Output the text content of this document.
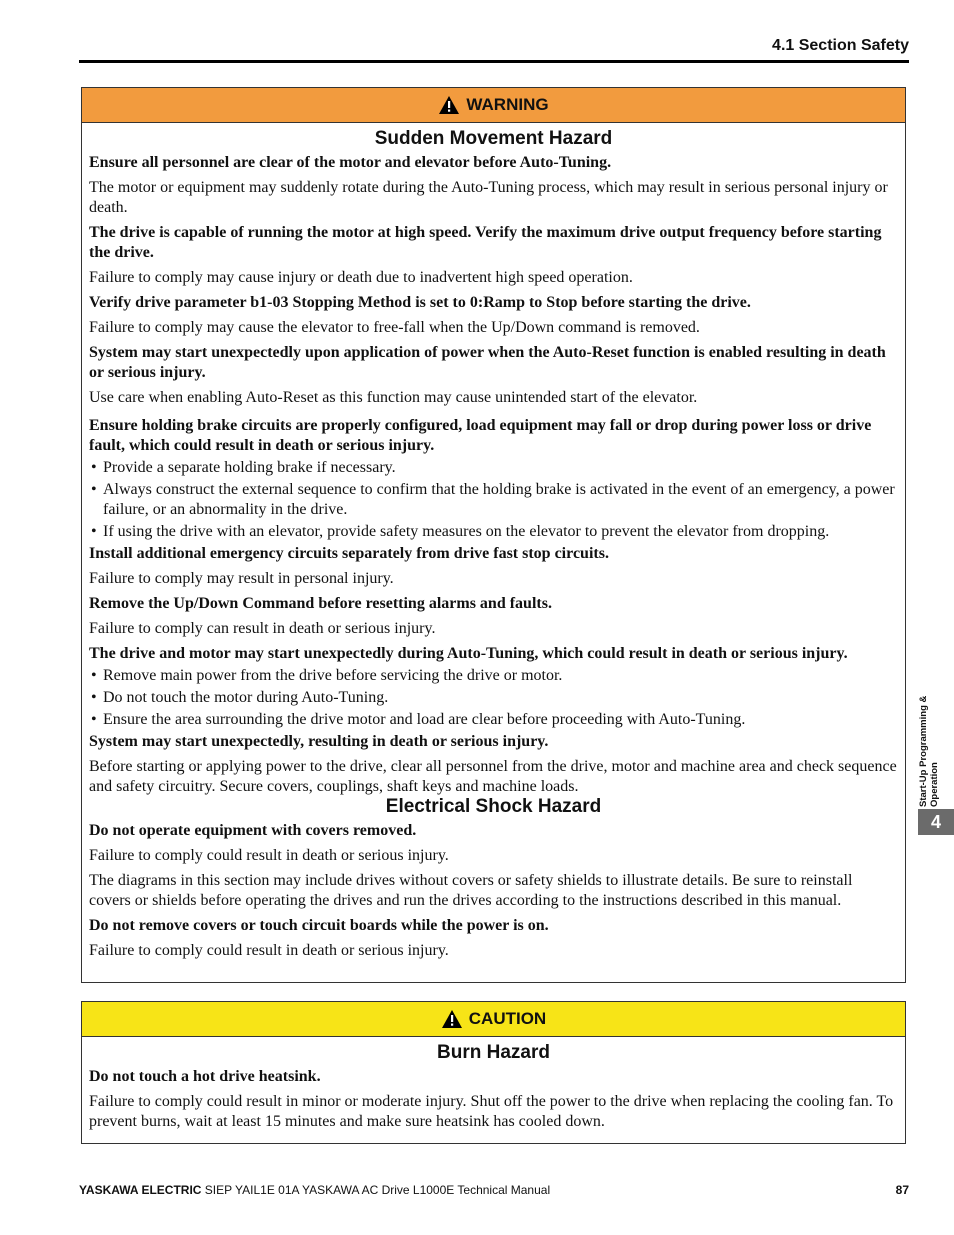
4.1 Section Safety
WARNING
Sudden Movement Hazard

Ensure all personnel are clear of the motor and elevator before Auto-Tuning.

The motor or equipment may suddenly rotate during the Auto-Tuning process, which may result in serious personal injury or death.

The drive is capable of running the motor at high speed. Verify the maximum drive output frequency before starting the drive.

Failure to comply may cause injury or death due to inadvertent high speed operation.

Verify drive parameter b1-03 Stopping Method is set to 0:Ramp to Stop before starting the drive.

Failure to comply may cause the elevator to free-fall when the Up/Down command is removed.

System may start unexpectedly upon application of power when the Auto-Reset function is enabled resulting in death or serious injury.

Use care when enabling Auto-Reset as this function may cause unintended start of the elevator.

Ensure holding brake circuits are properly configured, load equipment may fall or drop during power loss or drive fault, which could result in death or serious injury.

• Provide a separate holding brake if necessary.
• Always construct the external sequence to confirm that the holding brake is activated in the event of an emergency, a power failure, or an abnormality in the drive.
• If using the drive with an elevator, provide safety measures on the elevator to prevent the elevator from dropping.

Install additional emergency circuits separately from drive fast stop circuits.

Failure to comply may result in personal injury.

Remove the Up/Down Command before resetting alarms and faults.

Failure to comply can result in death or serious injury.

The drive and motor may start unexpectedly during Auto-Tuning, which could result in death or serious injury.

• Remove main power from the drive before servicing the drive or motor.
• Do not touch the motor during Auto-Tuning.
• Ensure the area surrounding the drive motor and load are clear before proceeding with Auto-Tuning.

System may start unexpectedly, resulting in death or serious injury.

Before starting or applying power to the drive, clear all personnel from the drive, motor and machine area and check sequence and safety circuitry. Secure covers, couplings, shaft keys and machine loads.

Electrical Shock Hazard

Do not operate equipment with covers removed.

Failure to comply could result in death or serious injury.

The diagrams in this section may include drives without covers or safety shields to illustrate details. Be sure to reinstall covers or shields before operating the drives and run the drives according to the instructions described in this manual.

Do not remove covers or touch circuit boards while the power is on.

Failure to comply could result in death or serious injury.

CAUTION
Burn Hazard

Do not touch a hot drive heatsink.

Failure to comply could result in minor or moderate injury. Shut off the power to the drive when replacing the cooling fan. To prevent burns, wait at least 15 minutes and make sure heatsink has cooled down.

Start-Up Programming &
Operation
4
YASKAWA ELECTRIC SIEP YAIL1E 01A YASKAWA AC Drive L1000E Technical Manual	87
